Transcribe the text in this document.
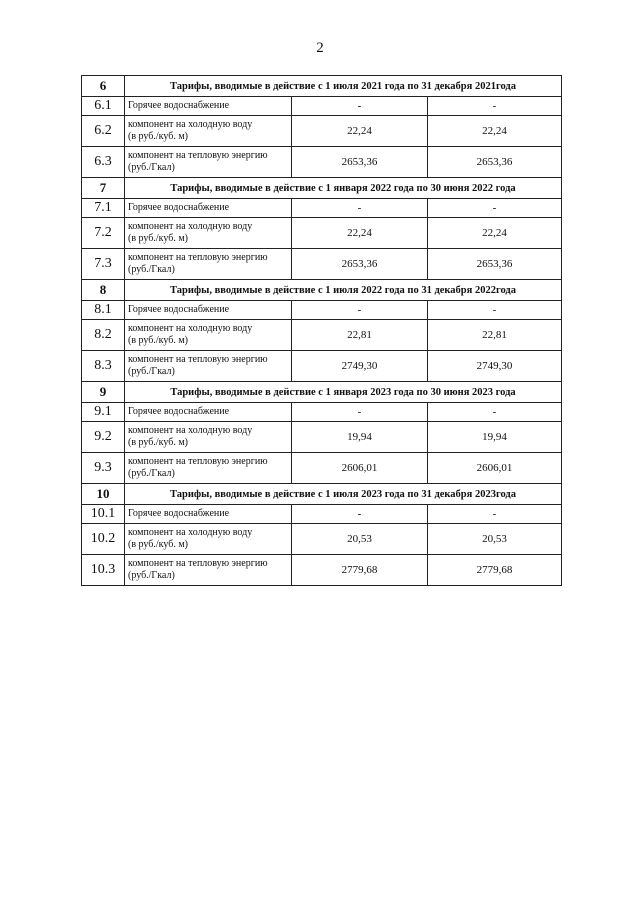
2
6	Тарифы, вводимые в действие с 1 июля 2021 года по 31 декабря 2021года		
6.1	Горячее водоснабжение	-	-
6.2	компонент на холодную воду
(в руб./куб. м)	22,24	22,24
6.3	компонент на тепловую энергию
(руб./Гкал)	2653,36	2653,36
7	Тарифы, вводимые в действие с 1 января 2022 года по 30 июня 2022 года		
7.1	Горячее водоснабжение	-	-
7.2	компонент на холодную воду
(в руб./куб. м)	22,24	22,24
7.3	компонент на тепловую энергию
(руб./Гкал)	2653,36	2653,36
8	Тарифы, вводимые в действие с 1 июля 2022 года по 31 декабря 2022года		
8.1	Горячее водоснабжение	-	-
8.2	компонент на холодную воду
(в руб./куб. м)	22,81	22,81
8.3	компонент на тепловую энергию
(руб./Гкал)	2749,30	2749,30
9	Тарифы, вводимые в действие с 1 января 2023 года по 30 июня 2023 года		
9.1	Горячее водоснабжение	-	-
9.2	компонент на холодную воду
(в руб./куб. м)	19,94	19,94
9.3	компонент на тепловую энергию
(руб./Гкал)	2606,01	2606,01
10	Тарифы, вводимые в действие с 1 июля 2023 года по 31 декабря 2023года		
10.1	Горячее водоснабжение	-	-
10.2	компонент на холодную воду
(в руб./куб. м)	20,53	20,53
10.3	компонент на тепловую энергию
(руб./Гкал)	2779,68	2779,68
